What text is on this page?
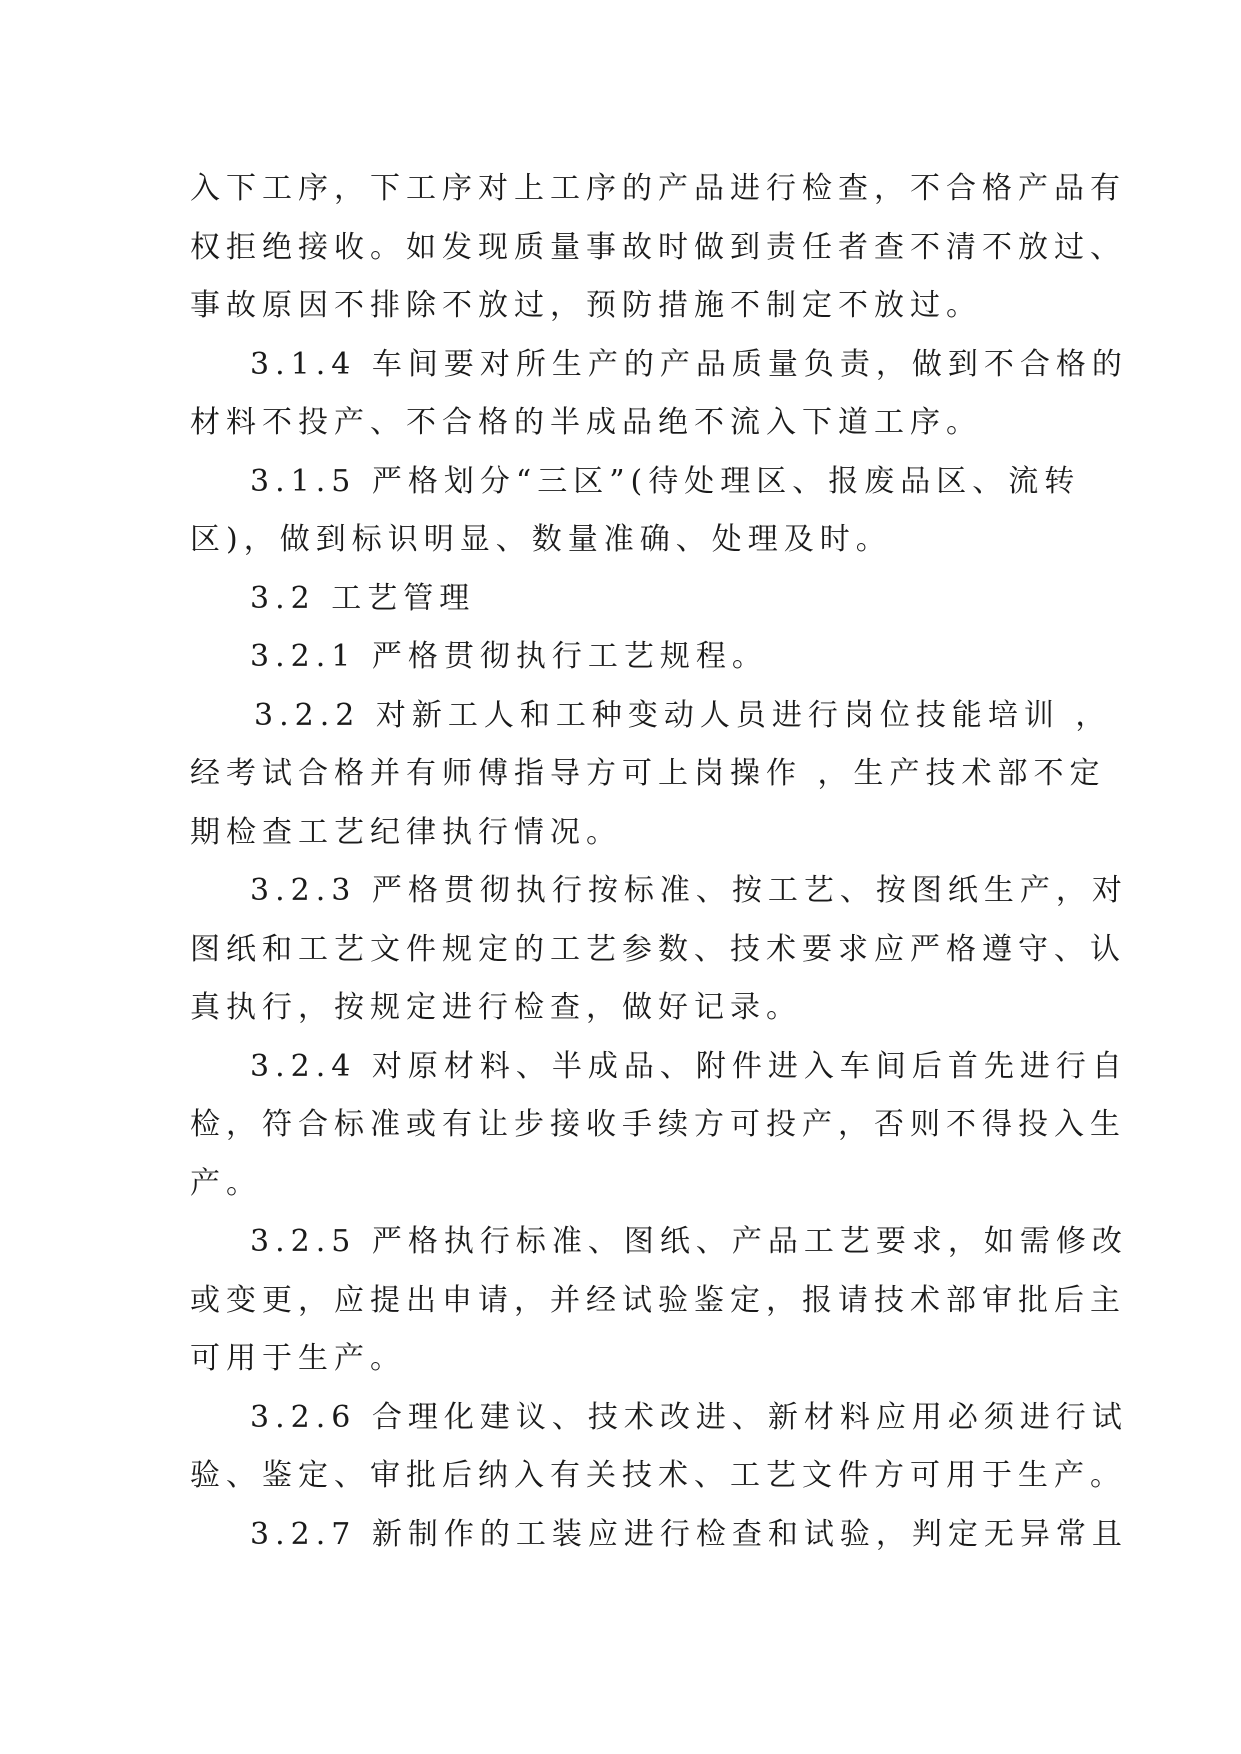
入下工序，下工序对上工序的产品进行检查，不合格产品有
权拒绝接收。如发现质量事故时做到责任者查不清不放过、
事故原因不排除不放过，预防措施不制定不放过。
3.1.4 车间要对所生产的产品质量负责，做到不合格的
材料不投产、不合格的半成品绝不流入下道工序。
3.1.5 严格划分“三区”(待处理区、报废品区、流转
区)，做到标识明显、数量准确、处理及时。
3.2 工艺管理
3.2.1 严格贯彻执行工艺规程。
3.2.2 对新工人和工种变动人员进行岗位技能培训 ，
经考试合格并有师傅指导方可上岗操作 ，生产技术部不定
期检查工艺纪律执行情况。
3.2.3 严格贯彻执行按标准、按工艺、按图纸生产，对
图纸和工艺文件规定的工艺参数、技术要求应严格遵守、认
真执行，按规定进行检查，做好记录。
3.2.4 对原材料、半成品、附件进入车间后首先进行自
检，符合标准或有让步接收手续方可投产，否则不得投入生
产。
3.2.5 严格执行标准、图纸、产品工艺要求，如需修改
或变更，应提出申请，并经试验鉴定，报请技术部审批后主
可用于生产。
3.2.6 合理化建议、技术改进、新材料应用必须进行试
验、鉴定、审批后纳入有关技术、工艺文件方可用于生产。
3.2.7 新制作的工装应进行检查和试验，判定无异常且
